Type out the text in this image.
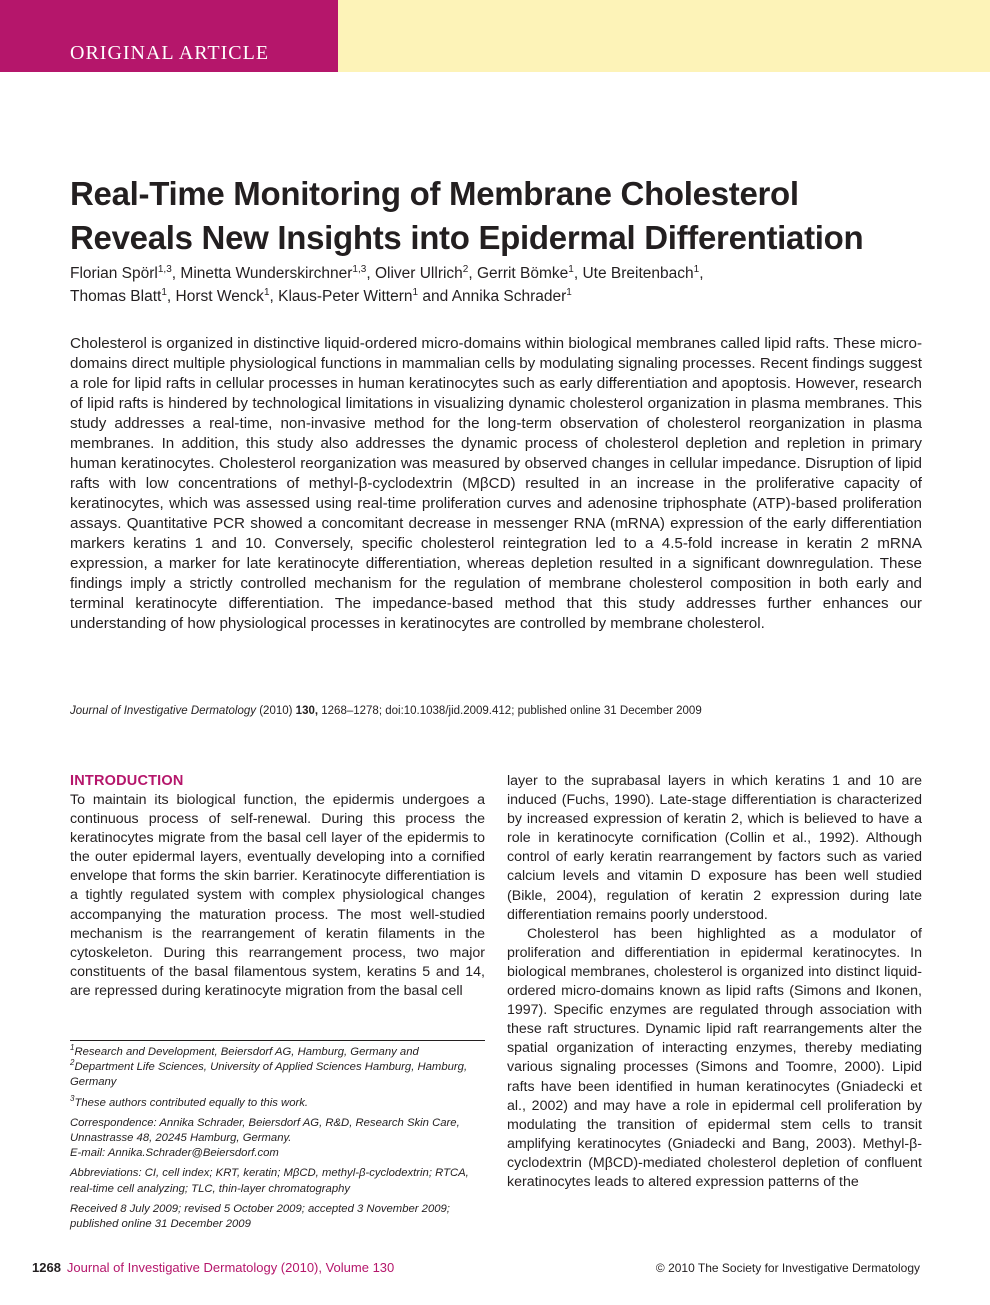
ORIGINAL ARTICLE
Real-Time Monitoring of Membrane Cholesterol
Reveals New Insights into Epidermal Differentiation

Florian Spörl$^{1,3}$, Minetta Wunderskirchner$^{1,3}$, Oliver Ullrich$^2$, Gerrit Bömke$^1$, Ute Breitenbach$^1$,
Thomas Blatt$^1$, Horst Wenck$^1$, Klaus-Peter Wittern$^1$ and Annika Schrader$^1$

Cholesterol is organized in distinctive liquid-ordered micro-domains within biological membranes called lipid rafts. These micro-domains direct multiple physiological functions in mammalian cells by modulating signaling processes. Recent findings suggest a role for lipid rafts in cellular processes in human keratinocytes such as early differentiation and apoptosis. However, research of lipid rafts is hindered by technological limitations in visualizing dynamic cholesterol organization in plasma membranes. This study addresses a real-time, non-invasive method for the long-term observation of cholesterol reorganization in plasma membranes. In addition, this study also addresses the dynamic process of cholesterol depletion and repletion in primary human keratinocytes. Cholesterol reorganization was measured by observed changes in cellular impedance. Disruption of lipid rafts with low concentrations of methyl-β-cyclodextrin (MβCD) resulted in an increase in the proliferative capacity of keratinocytes, which was assessed using real-time proliferation curves and adenosine triphosphate (ATP)-based proliferation assays. Quantitative PCR showed a concomitant decrease in messenger RNA (mRNA) expression of the early differentiation markers keratins 1 and 10. Conversely, specific cholesterol reintegration led to a 4.5-fold increase in keratin 2 mRNA expression, a marker for late keratinocyte differentiation, whereas depletion resulted in a significant downregulation. These findings imply a strictly controlled mechanism for the regulation of membrane cholesterol composition in both early and terminal keratinocyte differentiation. The impedance-based method that this study addresses further enhances our understanding of how physiological processes in keratinocytes are controlled by membrane cholesterol.

Journal of Investigative Dermatology (2010) 130, 1268–1278; doi:10.1038/jid.2009.412; published online 31 December 2009

INTRODUCTION

To maintain its biological function, the epidermis undergoes a continuous process of self-renewal. During this process the keratinocytes migrate from the basal cell layer of the epidermis to the outer epidermal layers, eventually developing into a cornified envelope that forms the skin barrier. Keratinocyte differentiation is a tightly regulated system with complex physiological changes accompanying the maturation process. The most well-studied mechanism is the rearrangement of keratin filaments in the cytoskeleton. During this rearrangement process, two major constituents of the basal filamentous system, keratins 5 and 14, are repressed during keratinocyte migration from the basal cell

layer to the suprabasal layers in which keratins 1 and 10 are induced (Fuchs, 1990). Late-stage differentiation is characterized by increased expression of keratin 2, which is believed to have a role in keratinocyte cornification (Collin et al., 1992). Although control of early keratin rearrangement by factors such as varied calcium levels and vitamin D exposure has been well studied (Bikle, 2004), regulation of keratin 2 expression during late differentiation remains poorly understood.

Cholesterol has been highlighted as a modulator of proliferation and differentiation in epidermal keratinocytes. In biological membranes, cholesterol is organized into distinct liquid-ordered micro-domains known as lipid rafts (Simons and Ikonen, 1997). Specific enzymes are regulated through association with these raft structures. Dynamic lipid raft rearrangements alter the spatial organization of interacting enzymes, thereby mediating various signaling processes (Simons and Toomre, 2000). Lipid rafts have been identified in human keratinocytes (Gniadecki et al., 2002) and may have a role in epidermal cell proliferation by modulating the transition of epidermal stem cells to transit amplifying keratinocytes (Gniadecki and Bang, 2003). Methyl-β-cyclodextrin (MβCD)-mediated cholesterol depletion of confluent keratinocytes leads to altered expression patterns of the

$^1$Research and Development, Beiersdorf AG, Hamburg, Germany and
$^2$Department Life Sciences, University of Applied Sciences Hamburg, Hamburg, Germany

$^3$These authors contributed equally to this work.

Correspondence: Annika Schrader, Beiersdorf AG, R&D, Research Skin Care, Unnastrasse 48, 20245 Hamburg, Germany.
E-mail: Annika.Schrader@Beiersdorf.com

Abbreviations: CI, cell index; KRT, keratin; MβCD, methyl-β-cyclodextrin; RTCA, real-time cell analyzing; TLC, thin-layer chromatography

Received 8 July 2009; revised 5 October 2009; accepted 3 November 2009; published online 31 December 2009

1268 Journal of Investigative Dermatology (2010), Volume 130	© 2010 The Society for Investigative Dermatology
